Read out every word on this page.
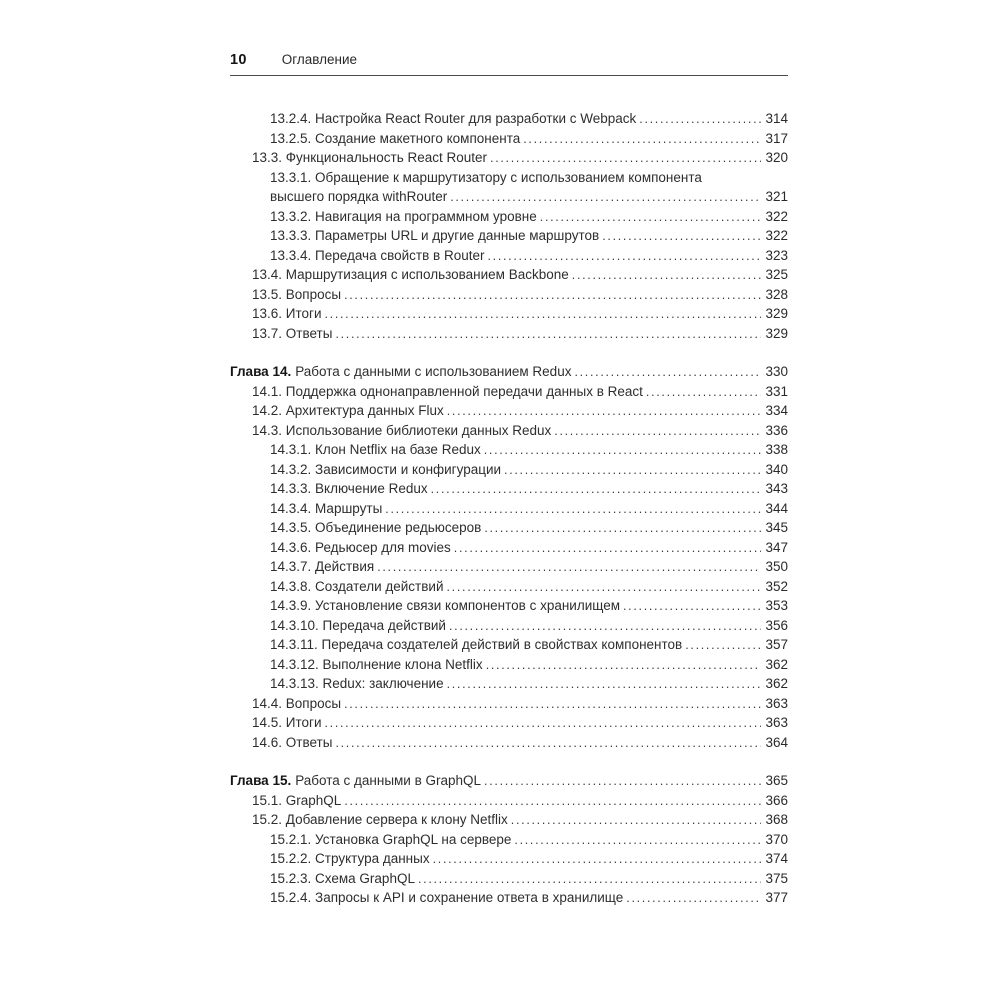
10	Оглавление
13.2.4. Настройка React Router для разработки с Webpack .....	314
13.2.5. Создание макетного компонента .....	317
13.3. Функциональность React Router .....	320
13.3.1. Обращение к маршрутизатору с использованием компонента
высшего порядка withRouter .....	321
13.3.2. Навигация на программном уровне .....	322
13.3.3. Параметры URL и другие данные маршрутов .....	322
13.3.4. Передача свойств в Router .....	323
13.4. Маршрутизация с использованием Backbone .....	325
13.5. Вопросы .....	328
13.6. Итоги .....	329
13.7. Ответы .....	329
Глава 14. Работа с данными с использованием Redux .....	330
14.1. Поддержка однонаправленной передачи данных в React .....	331
14.2. Архитектура данных Flux .....	334
14.3. Использование библиотеки данных Redux .....	336
14.3.1. Клон Netflix на базе Redux .....	338
14.3.2. Зависимости и конфигурации .....	340
14.3.3. Включение Redux .....	343
14.3.4. Маршруты .....	344
14.3.5. Объединение редьюсеров .....	345
14.3.6. Редьюсер для movies .....	347
14.3.7. Действия .....	350
14.3.8. Создатели действий .....	352
14.3.9. Установление связи компонентов с хранилищем .....	353
14.3.10. Передача действий .....	356
14.3.11. Передача создателей действий в свойствах компонентов .....	357
14.3.12. Выполнение клона Netflix .....	362
14.3.13. Redux: заключение .....	362
14.4. Вопросы .....	363
14.5. Итоги .....	363
14.6. Ответы .....	364
Глава 15. Работа с данными в GraphQL .....	365
15.1. GraphQL .....	366
15.2. Добавление сервера к клону Netflix .....	368
15.2.1. Установка GraphQL на сервере .....	370
15.2.2. Структура данных .....	374
15.2.3. Схема GraphQL .....	375
15.2.4. Запросы к API и сохранение ответа в хранилище .....	377
